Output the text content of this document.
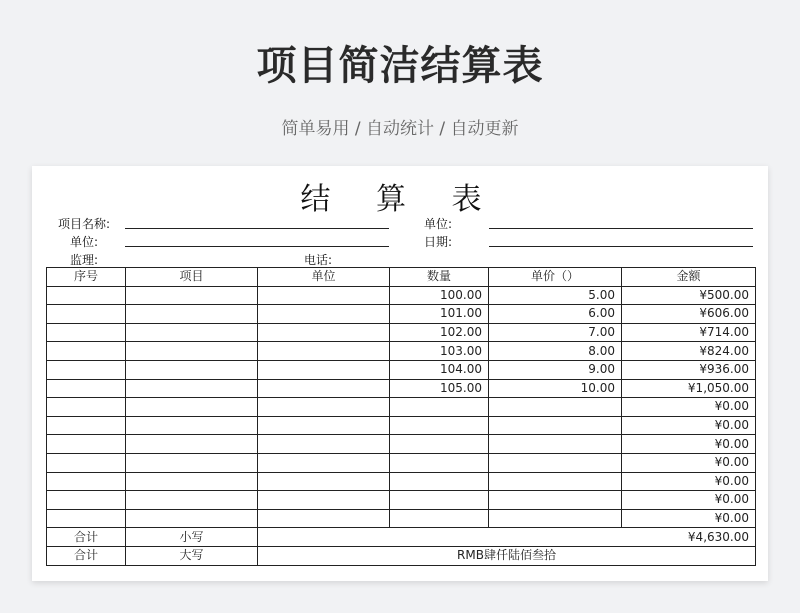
项目简洁结算表
简单易用 / 自动统计 / 自动更新
结 算 表
项目名称:	单位:
单位:	日期:
监理:	电话:
序号	项目	单位	数量	单价（）	金额
			100.00	5.00	¥500.00
			101.00	6.00	¥606.00
			102.00	7.00	¥714.00
			103.00	8.00	¥824.00
			104.00	9.00	¥936.00
			105.00	10.00	¥1,050.00
					¥0.00
					¥0.00
					¥0.00
					¥0.00
					¥0.00
					¥0.00
					¥0.00
合计	小写	¥4,630.00			
合计	大写	RMB肆仟陆佰叁拾			
